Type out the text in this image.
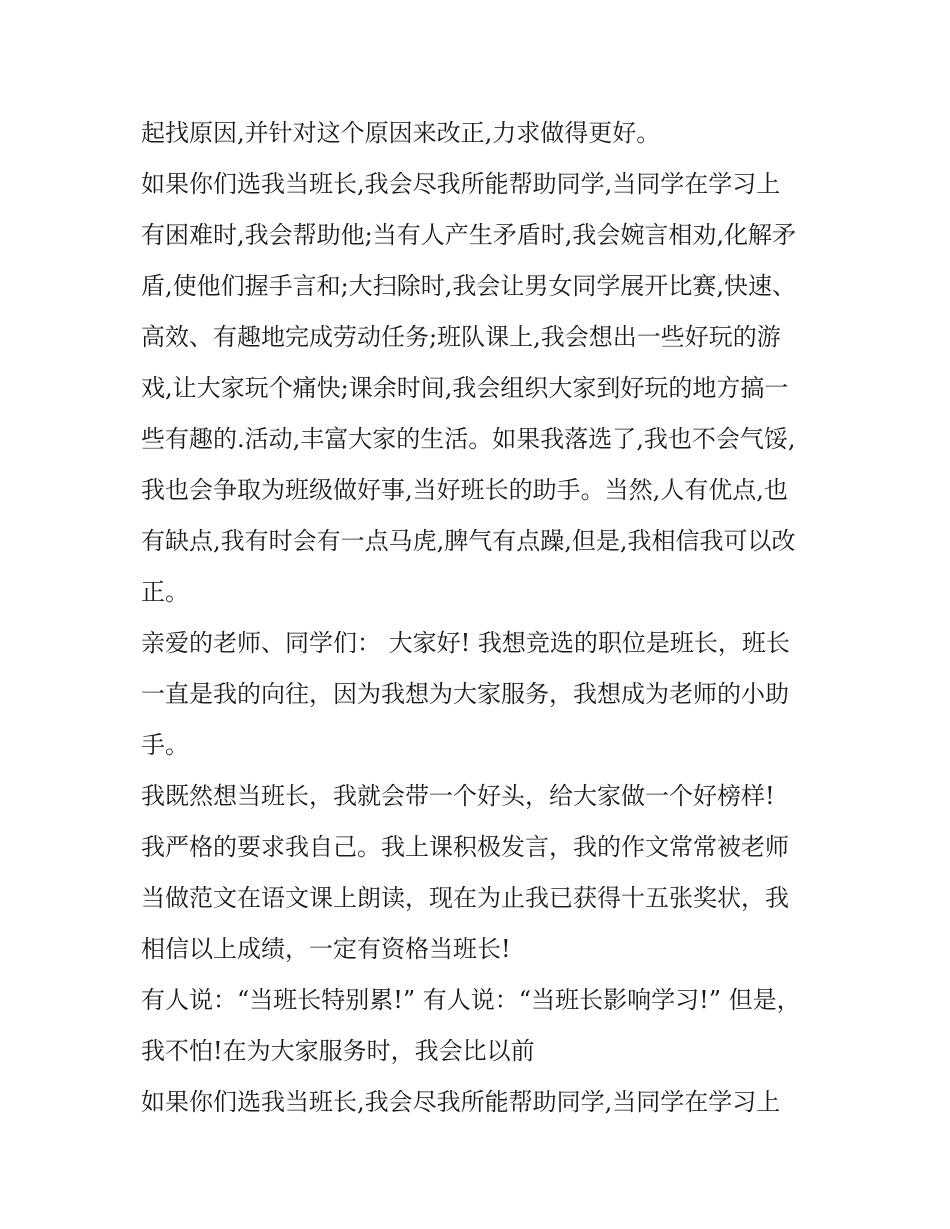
起找原因,并针对这个原因来改正,力求做得更好。
如果你们选我当班长,我会尽我所能帮助同学,当同学在学习上
有困难时,我会帮助他;当有人产生矛盾时,我会婉言相劝,化解矛
盾,使他们握手言和;大扫除时,我会让男女同学展开比赛,快速、
高效、有趣地完成劳动任务;班队课上,我会想出一些好玩的游
戏,让大家玩个痛快;课余时间,我会组织大家到好玩的地方搞一
些有趣的.活动,丰富大家的生活。如果我落选了,我也不会气馁,
我也会争取为班级做好事,当好班长的助手。当然,人有优点,也
有缺点,我有时会有一点马虎,脾气有点躁,但是,我相信我可以改
正。
亲爱的老师、同学们： 大家好! 我想竞选的职位是班长，班长
一直是我的向往，因为我想为大家服务，我想成为老师的小助
手。
我既然想当班长，我就会带一个好头，给大家做一个好榜样!
我严格的要求我自己。我上课积极发言，我的作文常常被老师
当做范文在语文课上朗读，现在为止我已获得十五张奖状，我
相信以上成绩，一定有资格当班长!
有人说：“当班长特别累!” 有人说：“当班长影响学习!” 但是，
我不怕!在为大家服务时，我会比以前
如果你们选我当班长,我会尽我所能帮助同学,当同学在学习上
